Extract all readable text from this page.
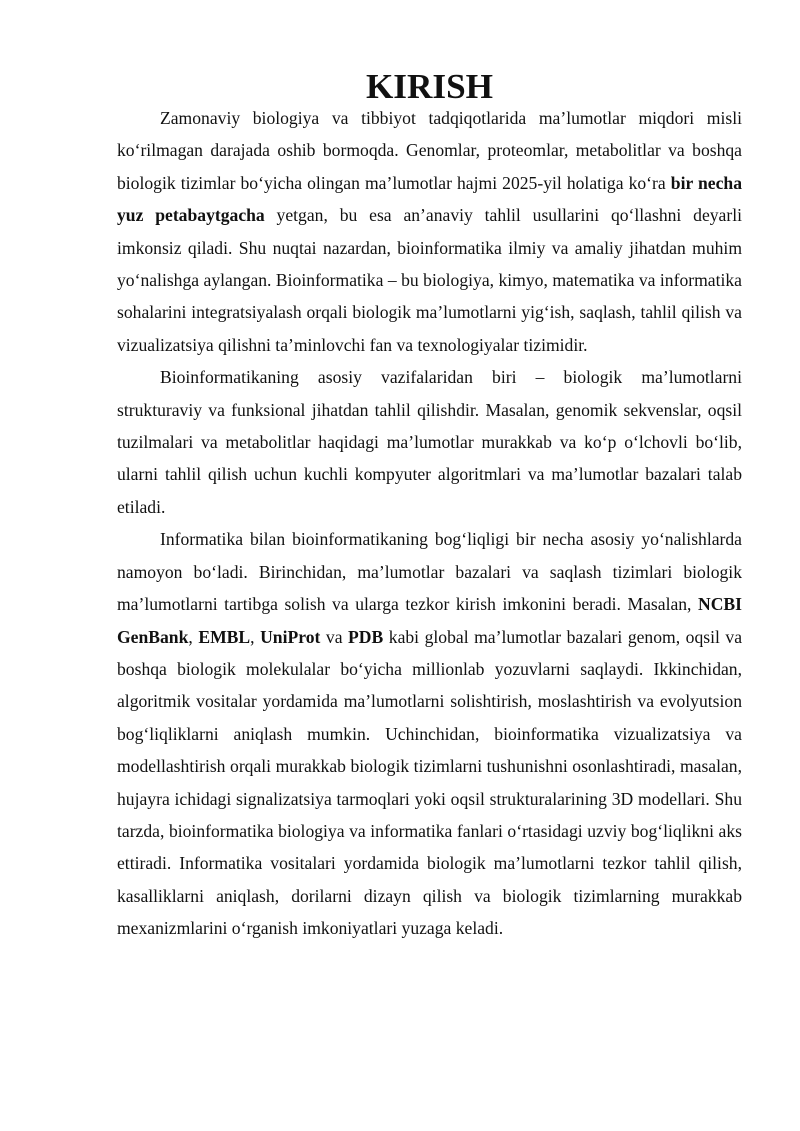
KIRISH

Zamonaviy biologiya va tibbiyot tadqiqotlarida ma’lumotlar miqdori misli ko‘rilmagan darajada oshib bormoqda. Genomlar, proteomlar, metabolitlar va boshqa biologik tizimlar bo‘yicha olingan ma’lumotlar hajmi 2025-yil holatiga ko‘ra bir necha yuz petabaytgacha yetgan, bu esa an’anaviy tahlil usullarini qo‘llashni deyarli imkonsiz qiladi. Shu nuqtai nazardan, bioinformatika ilmiy va amaliy jihatdan muhim yo‘nalishga aylangan. Bioinformatika – bu biologiya, kimyo, matematika va informatika sohalarini integratsiyalash orqali biologik ma’lumotlarni yig‘ish, saqlash, tahlil qilish va vizualizatsiya qilishni ta’minlovchi fan va texnologiyalar tizimidir.

Bioinformatikaning asosiy vazifalaridan biri – biologik ma’lumotlarni strukturaviy va funksional jihatdan tahlil qilishdir. Masalan, genomik sekvenslar, oqsil tuzilmalari va metabolitlar haqidagi ma’lumotlar murakkab va ko‘p o‘lchovli bo‘lib, ularni tahlil qilish uchun kuchli kompyuter algoritmlari va ma’lumotlar bazalari talab etiladi.

Informatika bilan bioinformatikaning bog‘liqligi bir necha asosiy yo‘nalishlarda namoyon bo‘ladi. Birinchidan, ma’lumotlar bazalari va saqlash tizimlari biologik ma’lumotlarni tartibga solish va ularga tezkor kirish imkonini beradi. Masalan, NCBI GenBank, EMBL, UniProt va PDB kabi global ma’lumotlar bazalari genom, oqsil va boshqa biologik molekulalar bo‘yicha millionlab yozuvlarni saqlaydi. Ikkinchidan, algoritmik vositalar yordamida ma’lumotlarni solishtirish, moslashtirish va evolyutsion bog‘liqliklarni aniqlash mumkin. Uchinchidan, bioinformatika vizualizatsiya va modellashtirish orqali murakkab biologik tizimlarni tushunishni osonlashtiradi, masalan, hujayra ichidagi signalizatsiya tarmoqlari yoki oqsil strukturalarining 3D modellari. Shu tarzda, bioinformatika biologiya va informatika fanlari o‘rtasidagi uzviy bog‘liqlikni aks ettiradi. Informatika vositalari yordamida biologik ma’lumotlarni tezkor tahlil qilish, kasalliklarni aniqlash, dorilarni dizayn qilish va biologik tizimlarning murakkab mexanizmlarini o‘rganish imkoniyatlari yuzaga keladi.
